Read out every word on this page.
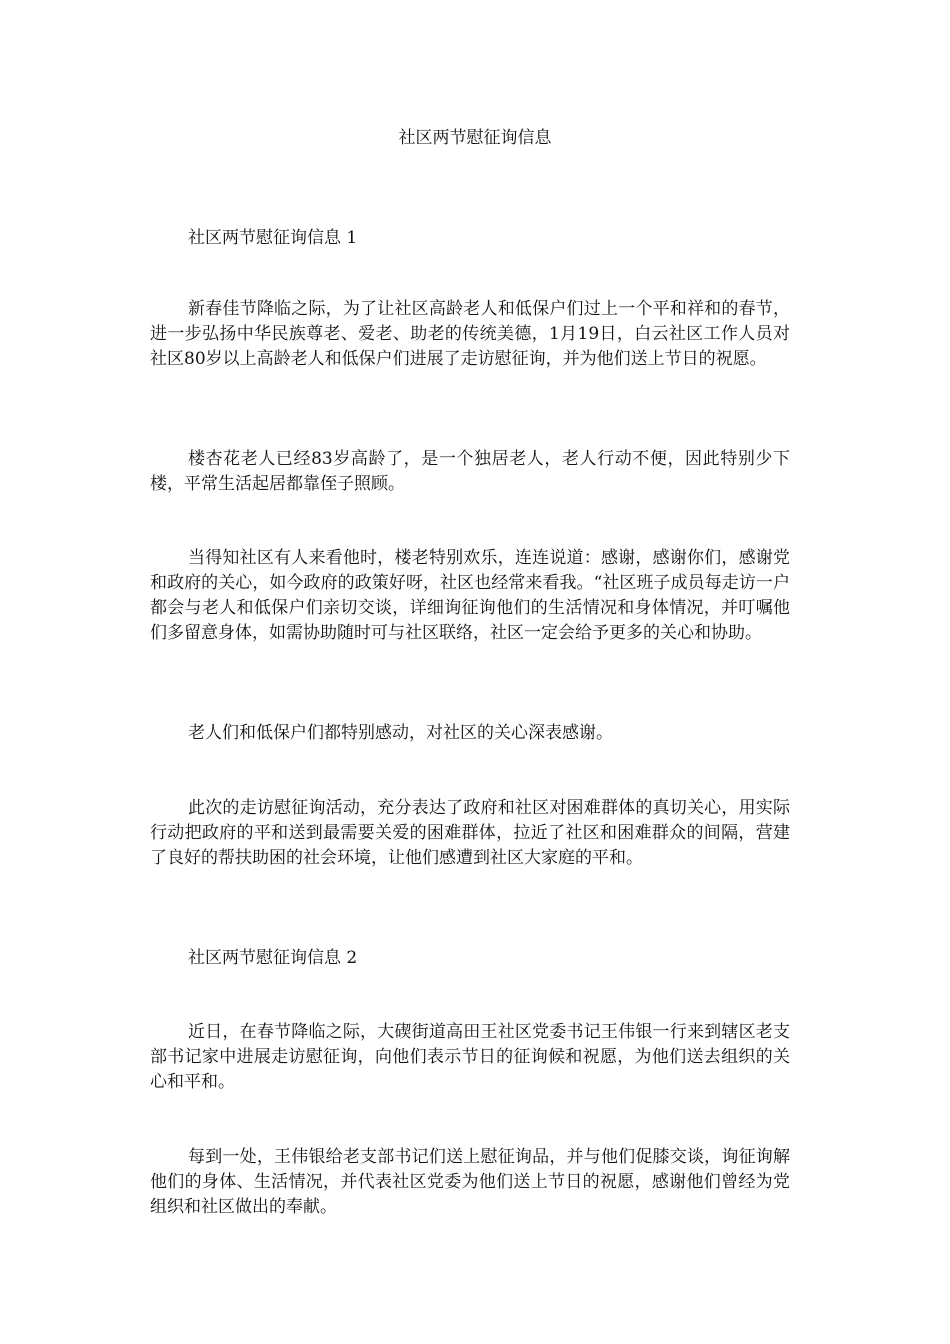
社区两节慰征询信息
社区两节慰征询信息 1

新春佳节降临之际，为了让社区高龄老人和低保户们过上一个平和祥和的春节，进一步弘扬中华民族尊老、爱老、助老的传统美德，1月19日，白云社区工作人员对社区80岁以上高龄老人和低保户们进展了走访慰征询，并为他们送上节日的祝愿。

楼杏花老人已经83岁高龄了，是一个独居老人，老人行动不便，因此特别少下楼，平常生活起居都靠侄子照顾。

当得知社区有人来看他时，楼老特别欢乐，连连说道：感谢，感谢你们，感谢党和政府的关心，如今政府的政策好呀，社区也经常来看我。“社区班子成员每走访一户都会与老人和低保户们亲切交谈，详细询征询他们的生活情况和身体情况，并叮嘱他们多留意身体，如需协助随时可与社区联络，社区一定会给予更多的关心和协助。

老人们和低保户们都特别感动，对社区的关心深表感谢。

此次的走访慰征询活动，充分表达了政府和社区对困难群体的真切关心，用实际行动把政府的平和送到最需要关爱的困难群体，拉近了社区和困难群众的间隔，营建了良好的帮扶助困的社会环境，让他们感遭到社区大家庭的平和。

社区两节慰征询信息 2

近日，在春节降临之际，大碶街道高田王社区党委书记王伟银一行来到辖区老支部书记家中进展走访慰征询，向他们表示节日的征询候和祝愿，为他们送去组织的关心和平和。

每到一处，王伟银给老支部书记们送上慰征询品，并与他们促膝交谈，询征询解他们的身体、生活情况，并代表社区党委为他们送上节日的祝愿，感谢他们曾经为党组织和社区做出的奉献。
